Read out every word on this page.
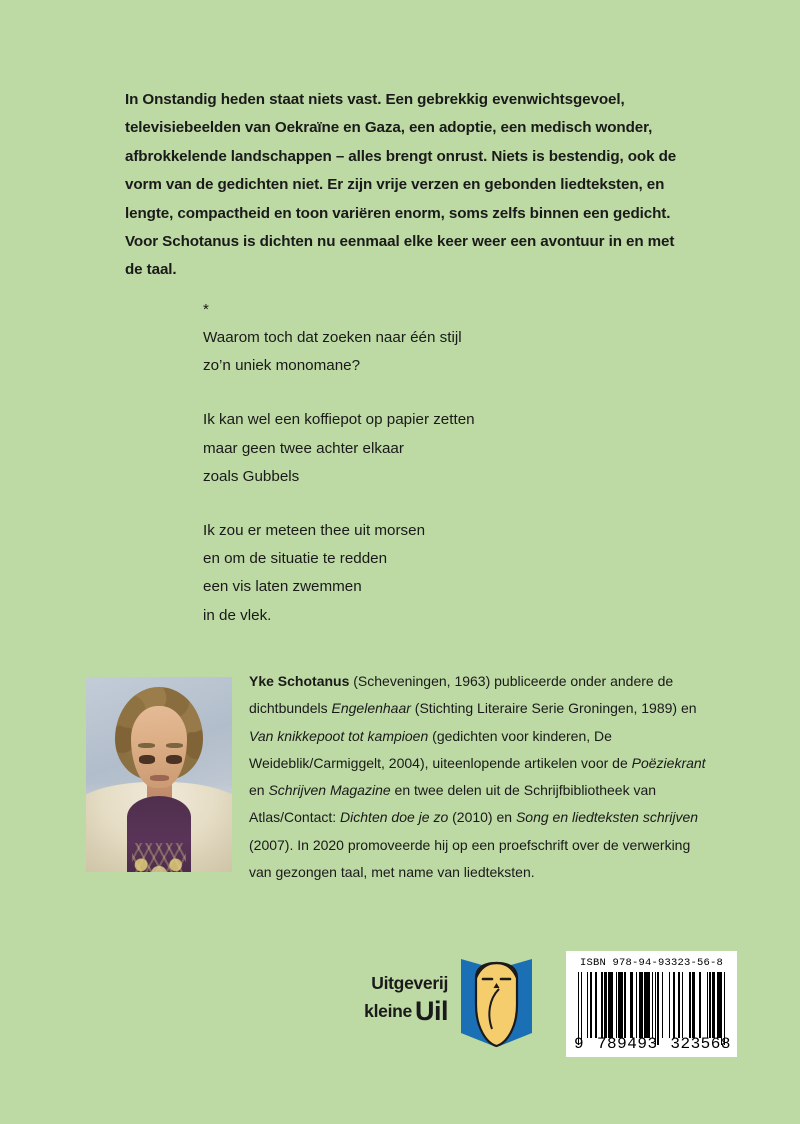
In Onstandig heden staat niets vast. Een gebrekkig evenwichtsgevoel, televisiebeelden van Oekraïne en Gaza, een adoptie, een medisch wonder, afbrokkelende landschappen – alles brengt onrust. Niets is bestendig, ook de vorm van de gedichten niet. Er zijn vrije verzen en gebonden liedteksten, en lengte, compactheid en toon variëren enorm, soms zelfs binnen een gedicht. Voor Schotanus is dichten nu eenmaal elke keer weer een avontuur in en met de taal.

*
Waarom toch dat zoeken naar één stijl
zo’n uniek monomane?
Ik kan wel een koffiepot op papier zetten
maar geen twee achter elkaar
zoals Gubbels
Ik zou er meteen thee uit morsen
en om de situatie te redden
een vis laten zwemmen
in de vlek.

Yke Schotanus (Scheveningen, 1963) publiceerde onder andere de dichtbundels Engelenhaar (Stichting Literaire Serie Groningen, 1989) en Van knikkepoot tot kampioen (gedichten voor kinderen, De Weideblik/Carmiggelt, 2004), uiteenlopende artikelen voor de Poëziekrant en Schrijven Magazine en twee delen uit de Schrijfbibliotheek van Atlas/Contact: Dichten doe je zo (2010) en Song en liedteksten schrijven (2007). In 2020 promoveerde hij op een proefschrift over de verwerking van gezongen taal, met name van liedteksten.

Uitgeverij
kleine Uil
ISBN 978-94-93323-56-8
9 789493 323568
